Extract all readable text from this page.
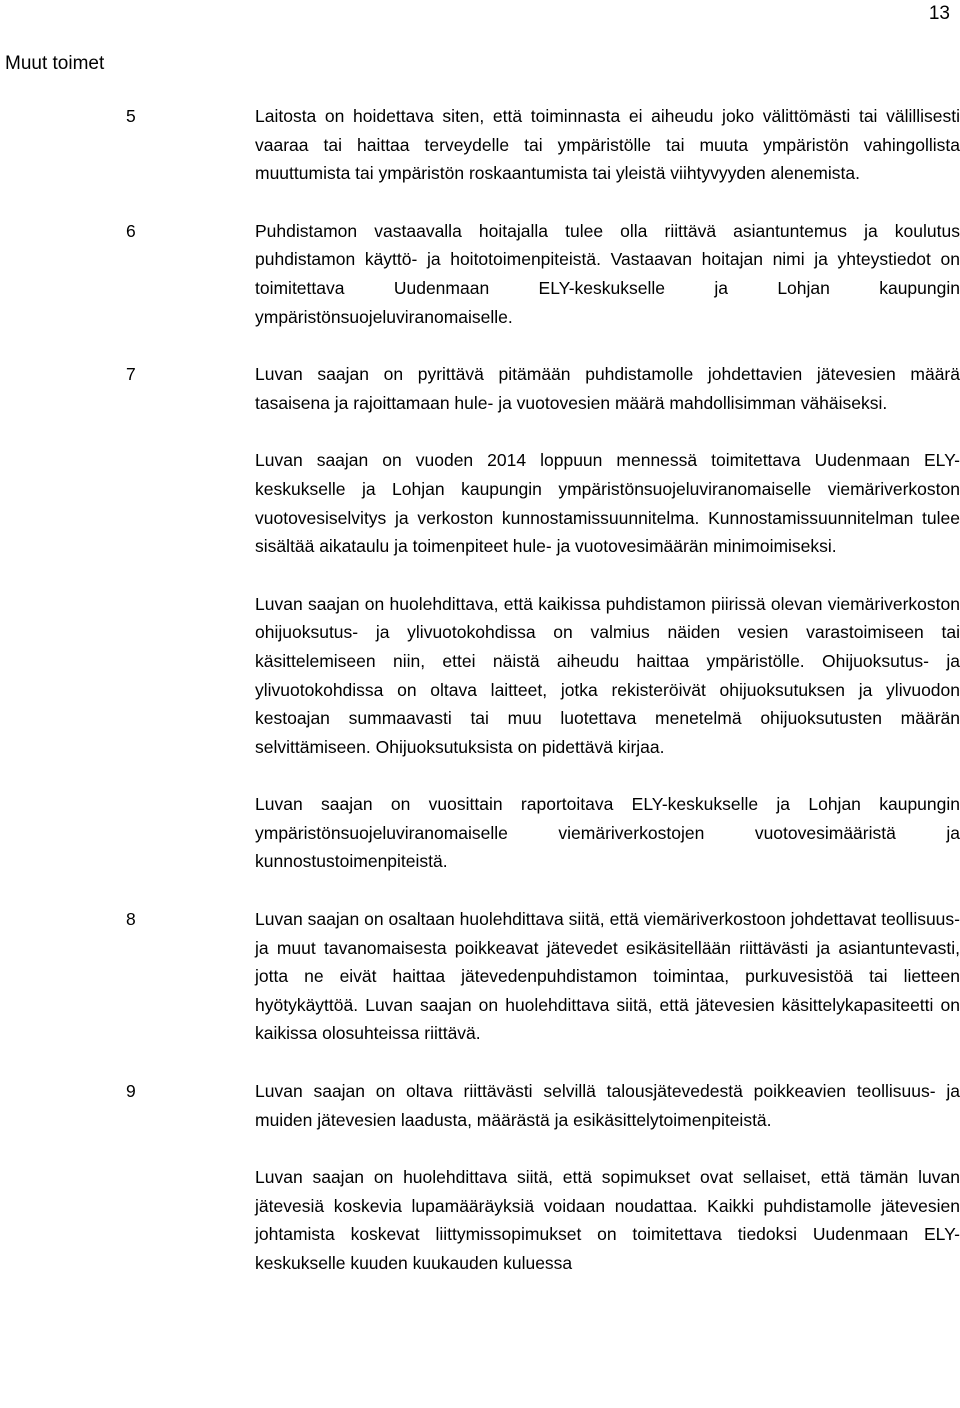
13
Muut toimet
5	Laitosta on hoidettava siten, että toiminnasta ei aiheudu joko välittömästi tai välillisesti vaaraa tai haittaa terveydelle tai ympäristölle tai muuta ympäristön vahingollista muuttumista tai ympäristön roskaantumista tai yleistä viihtyvyyden alenemista.

6	Puhdistamon vastaavalla hoitajalla tulee olla riittävä asiantuntemus ja koulutus puhdistamon käyttö- ja hoitotoimenpiteistä. Vastaavan hoitajan nimi ja yhteystiedot on toimitettava Uudenmaan ELY-keskukselle ja Lohjan kaupungin ympäristönsuojeluviranomaiselle.

7	Luvan saajan on pyrittävä pitämään puhdistamolle johdettavien jätevesien määrä tasaisena ja rajoittamaan hule- ja vuotovesien määrä mahdollisimman vähäiseksi.

Luvan saajan on vuoden 2014 loppuun mennessä toimitettava Uudenmaan ELY-keskukselle ja Lohjan kaupungin ympäristönsuojeluviranomaiselle viemäriverkoston vuotovesiselvitys ja verkoston kunnostamissuunnitelma. Kunnostamissuunnitelman tulee sisältää aikataulu ja toimenpiteet hule- ja vuotovesimäärän minimoimiseksi.

Luvan saajan on huolehdittava, että kaikissa puhdistamon piirissä olevan viemäriverkoston ohijuoksutus- ja ylivuotokohdissa on valmius näiden vesien varastoimiseen tai käsittelemiseen niin, ettei näistä aiheudu haittaa ympäristölle. Ohijuoksutus- ja ylivuotokohdissa on oltava laitteet, jotka rekisteröivät ohijuoksutuksen ja ylivuodon kestoajan summaavasti tai muu luotettava menetelmä ohijuoksutusten määrän selvittämiseen. Ohijuoksutuksista on pidettävä kirjaa.

Luvan saajan on vuosittain raportoitava ELY-keskukselle ja Lohjan kaupungin ympäristönsuojeluviranomaiselle viemäriverkostojen vuotovesimääristä ja kunnostustoimenpiteistä.

8	Luvan saajan on osaltaan huolehdittava siitä, että viemäriverkostoon johdettavat teollisuus- ja muut tavanomaisesta poikkeavat jätevedet esikäsitellään riittävästi ja asiantuntevasti, jotta ne eivät haittaa jätevedenpuhdistamon toimintaa, purkuvesistöä tai lietteen hyötykäyttöä. Luvan saajan on huolehdittava siitä, että jätevesien käsittelykapasiteetti on kaikissa olosuhteissa riittävä.

9	Luvan saajan on oltava riittävästi selvillä talousjätevedestä poikkeavien teollisuus- ja muiden jätevesien laadusta, määrästä ja esikäsittelytoimenpiteistä.

Luvan saajan on huolehdittava siitä, että sopimukset ovat sellaiset, että tämän luvan jätevesiä koskevia lupamääräyksiä voidaan noudattaa. Kaikki puhdistamolle jätevesien johtamista koskevat liittymissopimukset on toimitettava tiedoksi Uudenmaan ELY-keskukselle kuuden kuukauden kuluessa
